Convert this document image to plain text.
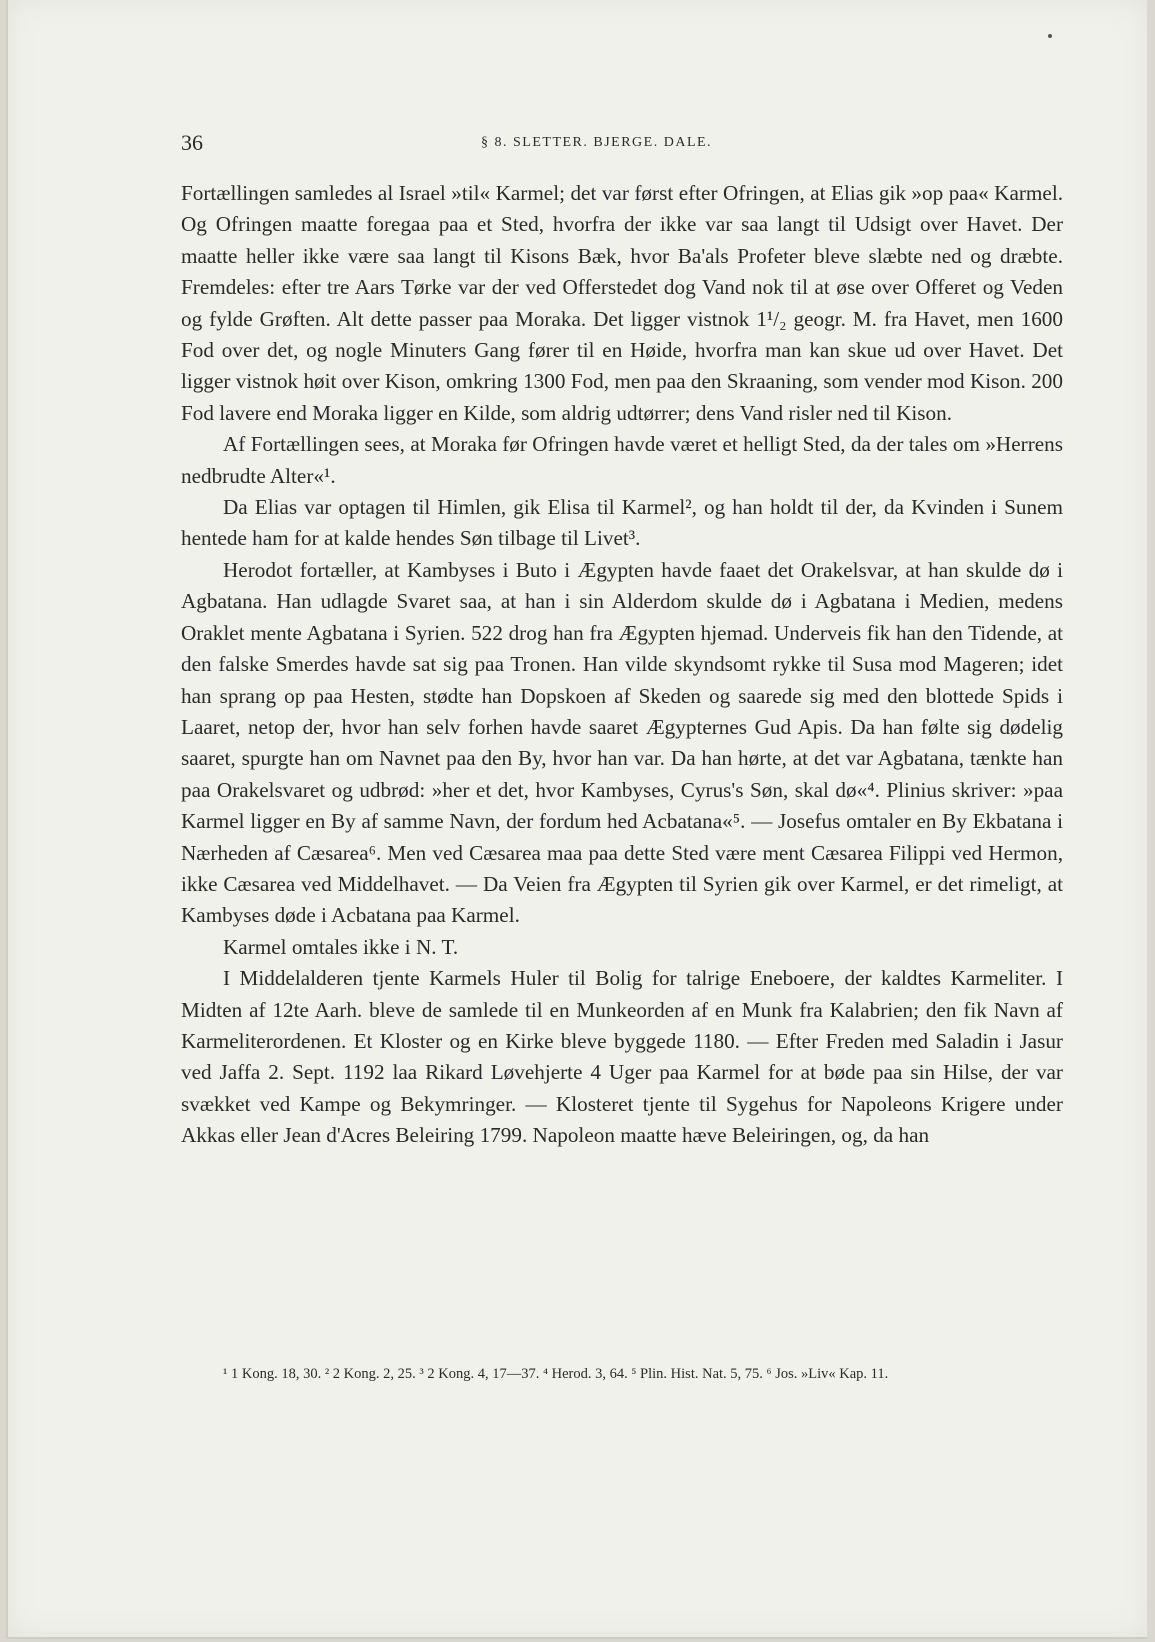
36	§ 8. SLETTER. BJERGE. DALE.

Fortællingen samledes al Israel »til« Karmel; det var først efter Ofringen, at Elias gik »op paa« Karmel. Og Ofringen maatte foregaa paa et Sted, hvorfra der ikke var saa langt til Udsigt over Havet. Der maatte heller ikke være saa langt til Kisons Bæk, hvor Ba'als Profeter bleve slæbte ned og dræbte. Fremdeles: efter tre Aars Tørke var der ved Offerstedet dog Vand nok til at øse over Offeret og Veden og fylde Grøften. Alt dette passer paa Moraka. Det ligger vistnok 1¹/₂ geogr. M. fra Havet, men 1600 Fod over det, og nogle Minuters Gang fører til en Høide, hvorfra man kan skue ud over Havet. Det ligger vistnok høit over Kison, omkring 1300 Fod, men paa den Skraaning, som vender mod Kison. 200 Fod lavere end Moraka ligger en Kilde, som aldrig udtørrer; dens Vand risler ned til Kison.

Af Fortællingen sees, at Moraka før Ofringen havde været et helligt Sted, da der tales om »Herrens nedbrudte Alter«¹.

Da Elias var optagen til Himlen, gik Elisa til Karmel², og han holdt til der, da Kvinden i Sunem hentede ham for at kalde hendes Søn tilbage til Livet³.

Herodot fortæller, at Kambyses i Buto i Ægypten havde faaet det Orakelsvar, at han skulde dø i Agbatana. Han udlagde Svaret saa, at han i sin Alderdom skulde dø i Agbatana i Medien, medens Oraklet mente Agbatana i Syrien. 522 drog han fra Ægypten hjemad. Underveis fik han den Tidende, at den falske Smerdes havde sat sig paa Tronen. Han vilde skyndsomt rykke til Susa mod Mageren; idet han sprang op paa Hesten, stødte han Dopskoen af Skeden og saarede sig med den blottede Spids i Laaret, netop der, hvor han selv forhen havde saaret Ægypternes Gud Apis. Da han følte sig dødelig saaret, spurgte han om Navnet paa den By, hvor han var. Da han hørte, at det var Agbatana, tænkte han paa Orakelsvaret og udbrød: »her et det, hvor Kambyses, Cyrus's Søn, skal dø«⁴. Plinius skriver: »paa Karmel ligger en By af samme Navn, der fordum hed Acbatana«⁵. — Josefus omtaler en By Ekbatana i Nærheden af Cæsarea⁶. Men ved Cæsarea maa paa dette Sted være ment Cæsarea Filippi ved Hermon, ikke Cæsarea ved Middelhavet. — Da Veien fra Ægypten til Syrien gik over Karmel, er det rimeligt, at Kambyses døde i Acbatana paa Karmel.

Karmel omtales ikke i N. T.

I Middelalderen tjente Karmels Huler til Bolig for talrige Eneboere, der kaldtes Karmeliter. I Midten af 12te Aarh. bleve de samlede til en Munkeorden af en Munk fra Kalabrien; den fik Navn af Karmeliterordenen. Et Kloster og en Kirke bleve byggede 1180. — Efter Freden med Saladin i Jasur ved Jaffa 2. Sept. 1192 laa Rikard Løvehjerte 4 Uger paa Karmel for at bøde paa sin Hilse, der var svækket ved Kampe og Bekymringer. — Klosteret tjente til Sygehus for Napoleons Krigere under Akkas eller Jean d'Acres Beleiring 1799. Napoleon maatte hæve Beleiringen, og, da han

¹ 1 Kong. 18, 30. ² 2 Kong. 2, 25. ³ 2 Kong. 4, 17—37. ⁴ Herod. 3, 64. ⁵ Plin. Hist. Nat. 5, 75. ⁶ Jos. »Liv« Kap. 11.
